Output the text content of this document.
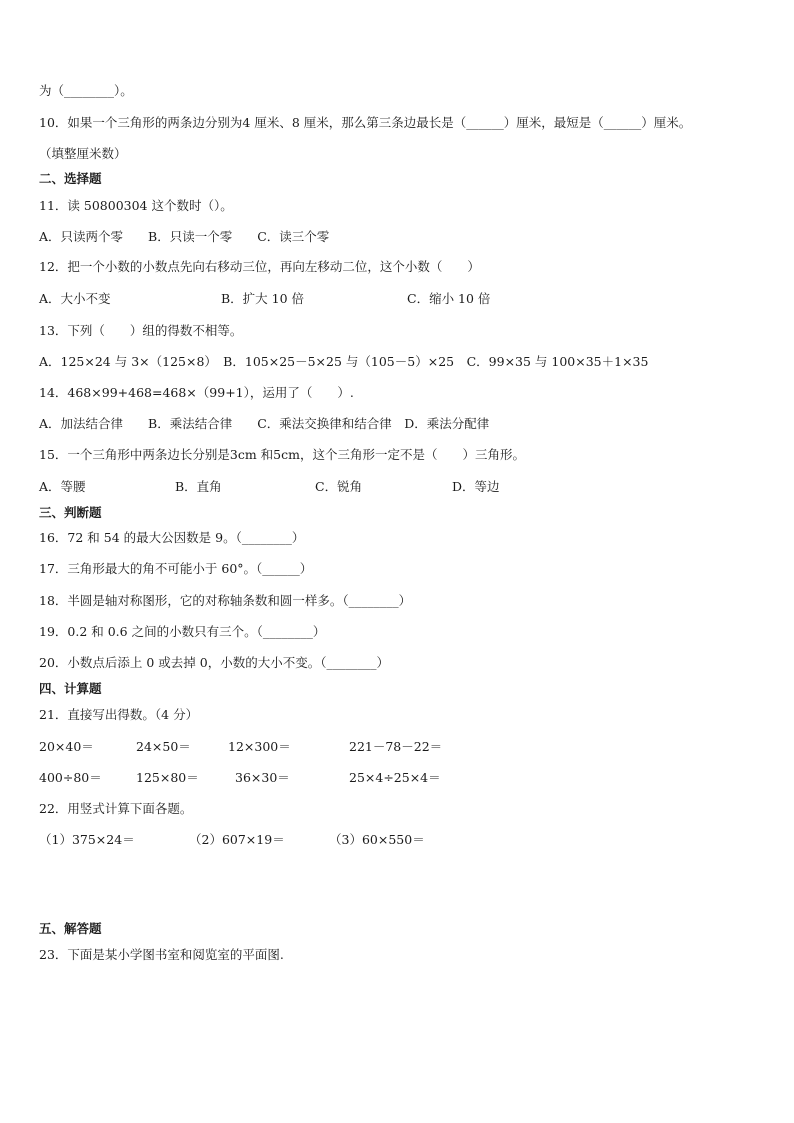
为（________）。
10．如果一个三角形的两条边分别为4 厘米、8 厘米，那么第三条边最长是（______）厘米，最短是（______）厘米。
（填整厘米数）
二、选择题
11．读 50800304 这个数时（）。
A．只读两个零　　B．只读一个零　　C．读三个零
12．把一个小数的小数点先向右移动三位，再向左移动二位，这个小数（　　）
A．大小不变	B．扩大 10 倍	C．缩小 10 倍
13．下列（　　）组的得数不相等。
A．125×24 与 3×（125×8）　B．105×25－5×25 与（105－5）×25　C．99×35 与 100×35＋1×35
14．468×99+468=468×（99+1），运用了（　　）.
A．加法结合律　　B．乘法结合律　　C．乘法交换律和结合律　D．乘法分配律
15．一个三角形中两条边长分别是3cm 和5cm，这个三角形一定不是（　　）三角形。
A．等腰	B．直角	C．锐角	D．等边
三、判断题
16．72 和 54 的最大公因数是 9。（________）
17．三角形最大的角不可能小于 60°。（______）
18．半圆是轴对称图形，它的对称轴条数和圆一样多。（________）
19．0.2 和 0.6 之间的小数只有三个。（________）
20．小数点后添上 0 或去掉 0，小数的大小不变。（________）
四、计算题
21．直接写出得数。（4 分）
20×40＝	24×50＝	12×300＝	221－78－22＝
400÷80＝	125×80＝	36×30＝	25×4÷25×4＝
22．用竖式计算下面各题。
（1）375×24＝	（2）607×19＝	（3）60×550＝
五、解答题
23．下面是某小学图书室和阅览室的平面图.
